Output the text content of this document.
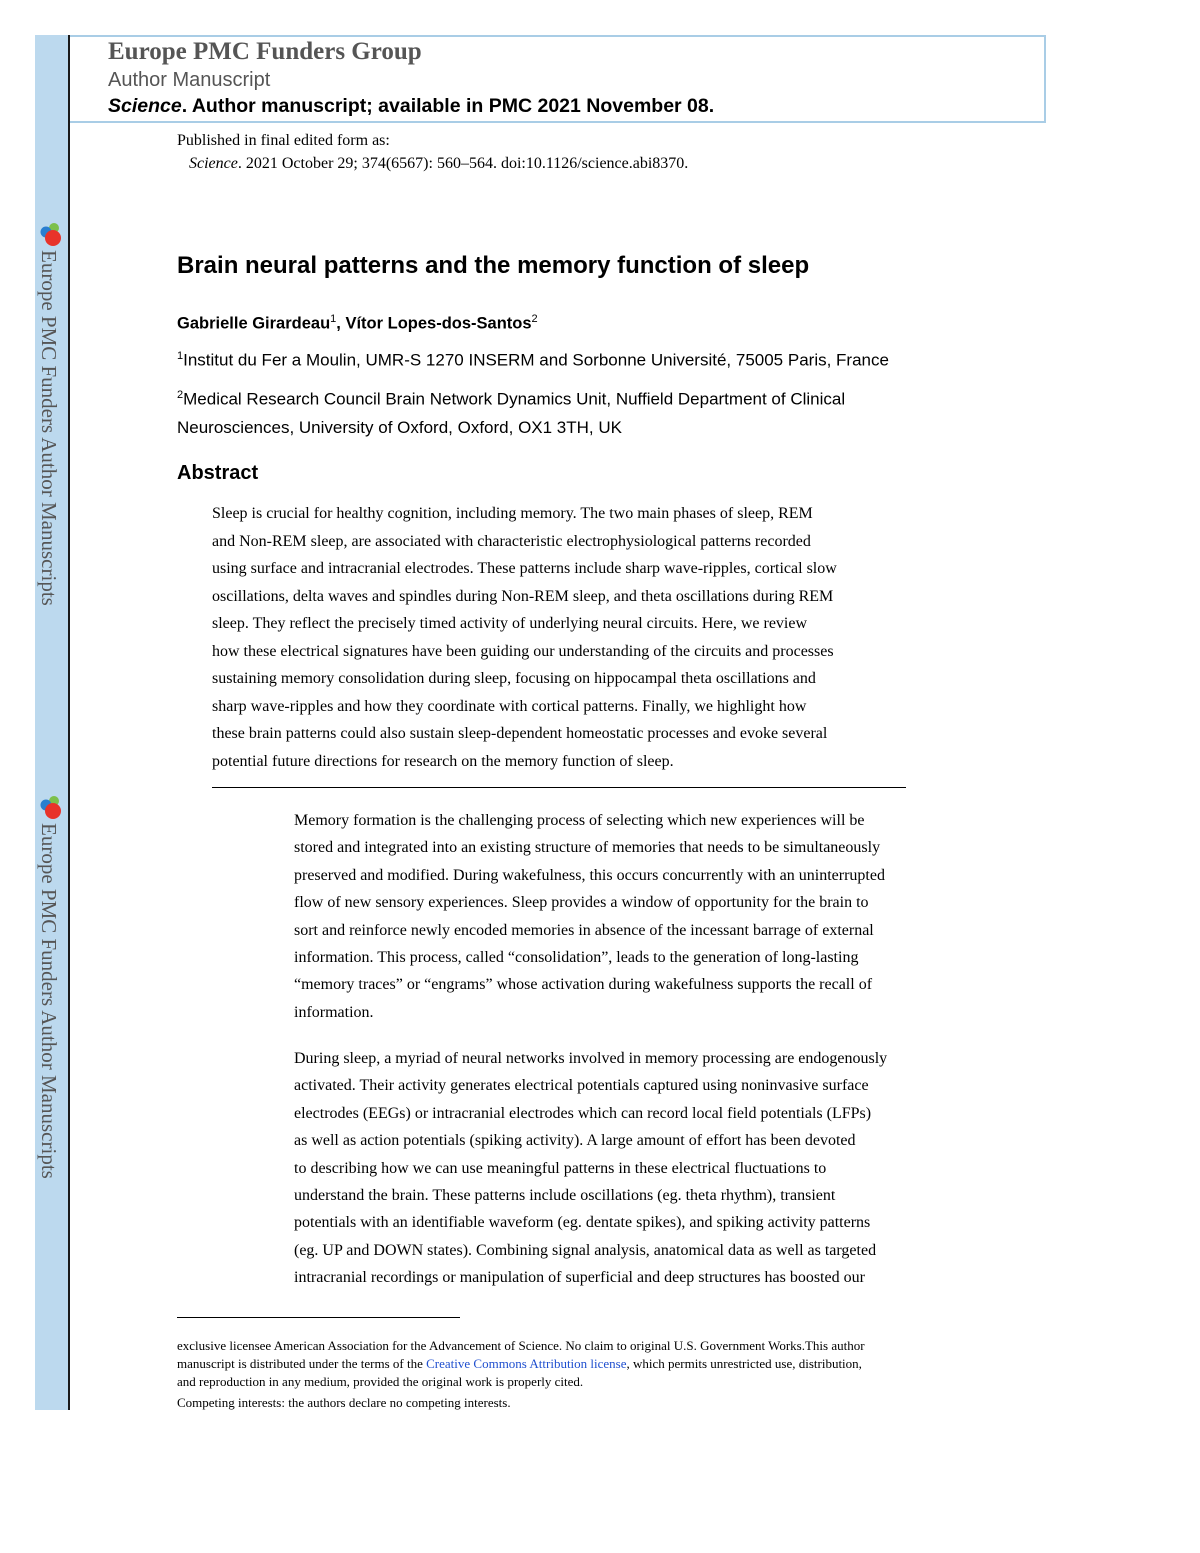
Europe PMC Funders Author Manuscripts
Europe PMC Funders Author Manuscripts
Europe PMC Funders Group
Author Manuscript
Science. Author manuscript; available in PMC 2021 November 08.
Published in final edited form as:
Science. 2021 October 29; 374(6567): 560–564. doi:10.1126/science.abi8370.
Brain neural patterns and the memory function of sleep
Gabrielle Girardeau$^1$, Vítor Lopes-dos-Santos$^2$
$^1$Institut du Fer a Moulin, UMR-S 1270 INSERM and Sorbonne Université, 75005 Paris, France
$^2$Medical Research Council Brain Network Dynamics Unit, Nuffield Department of Clinical
Neurosciences, University of Oxford, Oxford, OX1 3TH, UK
Abstract
Sleep is crucial for healthy cognition, including memory. The two main phases of sleep, REM
and Non-REM sleep, are associated with characteristic electrophysiological patterns recorded
using surface and intracranial electrodes. These patterns include sharp wave-ripples, cortical slow
oscillations, delta waves and spindles during Non-REM sleep, and theta oscillations during REM
sleep. They reflect the precisely timed activity of underlying neural circuits. Here, we review
how these electrical signatures have been guiding our understanding of the circuits and processes
sustaining memory consolidation during sleep, focusing on hippocampal theta oscillations and
sharp wave-ripples and how they coordinate with cortical patterns. Finally, we highlight how
these brain patterns could also sustain sleep-dependent homeostatic processes and evoke several
potential future directions for research on the memory function of sleep.
Memory formation is the challenging process of selecting which new experiences will be
stored and integrated into an existing structure of memories that needs to be simultaneously
preserved and modified. During wakefulness, this occurs concurrently with an uninterrupted
flow of new sensory experiences. Sleep provides a window of opportunity for the brain to
sort and reinforce newly encoded memories in absence of the incessant barrage of external
information. This process, called “consolidation”, leads to the generation of long-lasting
“memory traces” or “engrams” whose activation during wakefulness supports the recall of
information.
During sleep, a myriad of neural networks involved in memory processing are endogenously
activated. Their activity generates electrical potentials captured using noninvasive surface
electrodes (EEGs) or intracranial electrodes which can record local field potentials (LFPs)
as well as action potentials (spiking activity). A large amount of effort has been devoted
to describing how we can use meaningful patterns in these electrical fluctuations to
understand the brain. These patterns include oscillations (eg. theta rhythm), transient
potentials with an identifiable waveform (eg. dentate spikes), and spiking activity patterns
(eg. UP and DOWN states). Combining signal analysis, anatomical data as well as targeted
intracranial recordings or manipulation of superficial and deep structures has boosted our
exclusive licensee American Association for the Advancement of Science. No claim to original U.S. Government Works.This author
manuscript is distributed under the terms of the Creative Commons Attribution license, which permits unrestricted use, distribution,
and reproduction in any medium, provided the original work is properly cited.
Competing interests: the authors declare no competing interests.
